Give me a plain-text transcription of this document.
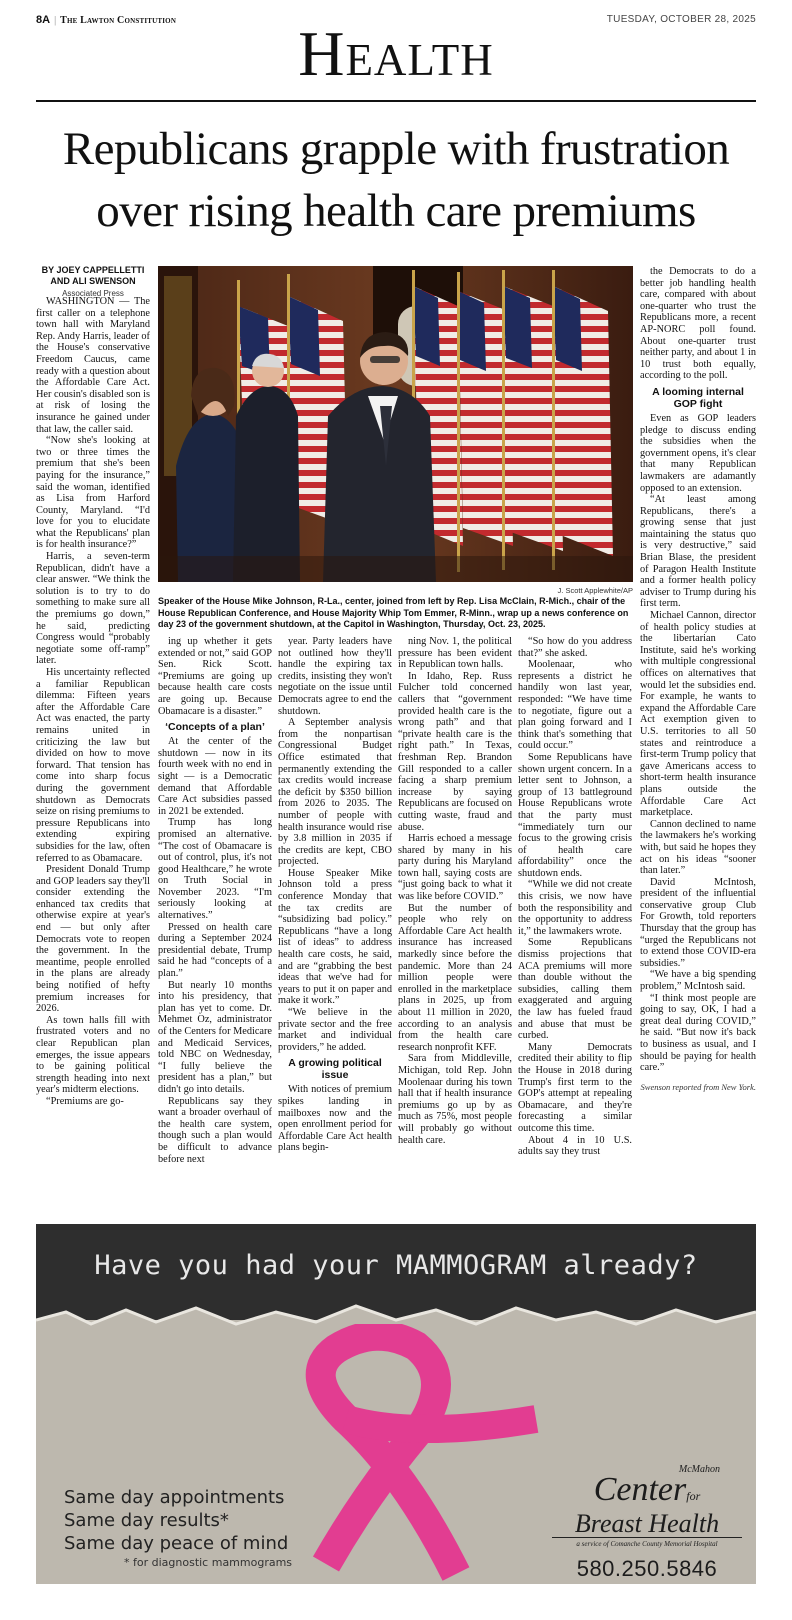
8A | The Lawton Constitution	TUESDAY, OCTOBER 28, 2025
Health
Republicans grapple with frustration over rising health care premiums
BY JOEY CAPPELLETTI AND ALI SWENSON
Associated Press

WASHINGTON — The first caller on a telephone town hall with Maryland Rep. Andy Harris, leader of the House's conservative Freedom Caucus, came ready with a question about the Affordable Care Act. Her cousin's disabled son is at risk of losing the insurance he gained under that law, the caller said.

“Now she's looking at two or three times the premium that she's been paying for the insurance,” said the woman, identified as Lisa from Harford County, Maryland. “I'd love for you to elucidate what the Republicans' plan is for health insurance?”

Harris, a seven-term Republican, didn't have a clear answer. “We think the solution is to try to do something to make sure all the premiums go down,” he said, predicting Congress would “probably negotiate some off-ramp” later.

His uncertainty reflected a familiar Republican dilemma: Fifteen years after the Affordable Care Act was enacted, the party remains united in criticizing the law but divided on how to move forward. That tension has come into sharp focus during the government shutdown as Democrats seize on rising premiums to pressure Republicans into extending expiring subsidies for the law, often referred to as Obamacare.

President Donald Trump and GOP leaders say they'll consider extending the enhanced tax credits that otherwise expire at year's end — but only after Democrats vote to reopen the government. In the meantime, people enrolled in the plans are already being notified of hefty premium increases for 2026.

As town halls fill with frustrated voters and no clear Republican plan emerges, the issue appears to be gaining political strength heading into next year's midterm elections.

“Premiums are go-

J. Scott Applewhite/AP
Speaker of the House Mike Johnson, R-La., center, joined from left by Rep. Lisa McClain, R-Mich., chair of the House Republican Conference, and House Majority Whip Tom Emmer, R-Minn., wrap up a news conference on day 23 of the government shutdown, at the Capitol in Washington, Thursday, Oct. 23, 2025.

ing up whether it gets extended or not,” said GOP Sen. Rick Scott. “Premiums are going up because health care costs are going up. Because Obamacare is a disaster.”

‘Concepts of a plan’

At the center of the shutdown — now in its fourth week with no end in sight — is a Democratic demand that Affordable Care Act subsidies passed in 2021 be extended.

Trump has long promised an alternative. “The cost of Obamacare is out of control, plus, it's not good Healthcare,” he wrote on Truth Social in November 2023. “I'm seriously looking at alternatives.”

Pressed on health care during a September 2024 presidential debate, Trump said he had “concepts of a plan.”

But nearly 10 months into his presidency, that plan has yet to come. Dr. Mehmet Oz, administrator of the Centers for Medicare and Medicaid Services, told NBC on Wednesday, “I fully believe the president has a plan,” but didn't go into details.

Republicans say they want a broader overhaul of the health care system, though such a plan would be difficult to advance before next

year. Party leaders have not outlined how they'll handle the expiring tax credits, insisting they won't negotiate on the issue until Democrats agree to end the shutdown.

A September analysis from the nonpartisan Congressional Budget Office estimated that permanently extending the tax credits would increase the deficit by $350 billion from 2026 to 2035. The number of people with health insurance would rise by 3.8 million in 2035 if the credits are kept, CBO projected.

House Speaker Mike Johnson told a press conference Monday that the tax credits are “subsidizing bad policy.” Republicans “have a long list of ideas” to address health care costs, he said, and are “grabbing the best ideas that we've had for years to put it on paper and make it work.”

“We believe in the private sector and the free market and individual providers,” he added.

A growing political issue

With notices of premium spikes landing in mailboxes now and the open enrollment period for Affordable Care Act health plans begin-

ning Nov. 1, the political pressure has been evident in Republican town halls.

In Idaho, Rep. Russ Fulcher told concerned callers that “government provided health care is the wrong path” and that “private health care is the right path.” In Texas, freshman Rep. Brandon Gill responded to a caller facing a sharp premium increase by saying Republicans are focused on cutting waste, fraud and abuse.

Harris echoed a message shared by many in his party during his Maryland town hall, saying costs are “just going back to what it was like before COVID.”

But the number of people who rely on Affordable Care Act health insurance has increased markedly since before the pandemic. More than 24 million people were enrolled in the marketplace plans in 2025, up from about 11 million in 2020, according to an analysis from the health care research nonprofit KFF.

Sara from Middleville, Michigan, told Rep. John Moolenaar during his town hall that if health insurance premiums go up by as much as 75%, most people will probably go without health care.

“So how do you address that?” she asked.

Moolenaar, who represents a district he handily won last year, responded: “We have time to negotiate, figure out a plan going forward and I think that's something that could occur.”

Some Republicans have shown urgent concern. In a letter sent to Johnson, a group of 13 battleground House Republicans wrote that the party must “immediately turn our focus to the growing crisis of health care affordability” once the shutdown ends.

“While we did not create this crisis, we now have both the responsibility and the opportunity to address it,” the lawmakers wrote.

Some Republicans dismiss projections that ACA premiums will more than double without the subsidies, calling them exaggerated and arguing the law has fueled fraud and abuse that must be curbed.

Many Democrats credited their ability to flip the House in 2018 during Trump's first term to the GOP's attempt at repealing Obamacare, and they're forecasting a similar outcome this time.

About 4 in 10 U.S. adults say they trust

the Democrats to do a better job handling health care, compared with about one-quarter who trust the Republicans more, a recent AP-NORC poll found. About one-quarter trust neither party, and about 1 in 10 trust both equally, according to the poll.

A looming internal GOP fight

Even as GOP leaders pledge to discuss ending the subsidies when the government opens, it's clear that many Republican lawmakers are adamantly opposed to an extension.

“At least among Republicans, there's a growing sense that just maintaining the status quo is very destructive,” said Brian Blase, the president of Paragon Health Institute and a former health policy adviser to Trump during his first term.

Michael Cannon, director of health policy studies at the libertarian Cato Institute, said he's working with multiple congressional offices on alternatives that would let the subsidies end. For example, he wants to expand the Affordable Care Act exemption given to U.S. territories to all 50 states and reintroduce a first-term Trump policy that gave Americans access to short-term health insurance plans outside the Affordable Care Act marketplace.

Cannon declined to name the lawmakers he's working with, but said he hopes they act on his ideas “sooner than later.”

David McIntosh, president of the influential conservative group Club For Growth, told reporters Thursday that the group has “urged the Republicans not to extend those COVID-era subsidies.”

“We have a big spending problem,” McIntosh said.

“I think most people are going to say, OK, I had a great deal during COVID,” he said. “But now it's back to business as usual, and I should be paying for health care.”

Swenson reported from New York.

Have you had your MAMMOGRAM already?
Same day appointments
Same day results*
Same day peace of mind
* for diagnostic mammograms
McMahon
Centerfor
Breast Health
a service of Comanche County Memorial Hospital
580.250.5846
